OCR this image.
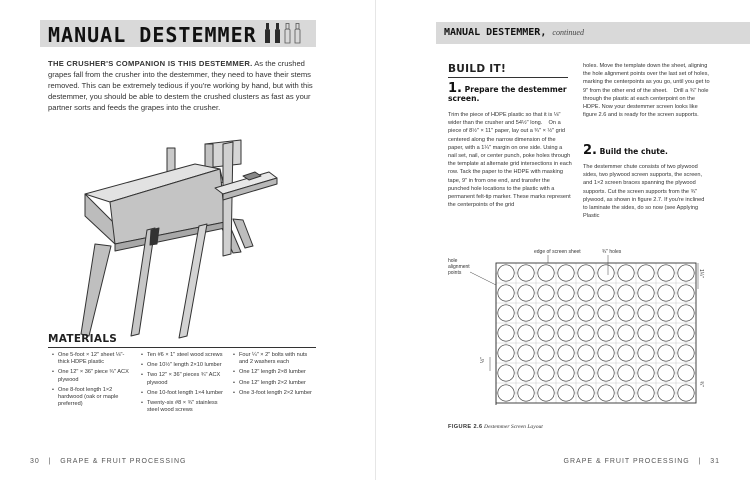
MANUAL DESTEMMER

THE CRUSHER'S COMPANION IS THIS DESTEMMER. As the crushed grapes fall from the crusher into the destemmer, they need to have their stems removed. This can be extremely tedious if you're working by hand, but with this destemmer, you should be able to destem the crushed clusters as fast as your partner sorts and feeds the grapes into the crusher.

MATERIALS
• One 5-foot × 12" sheet ⅛"-thick HDPE plastic
• One 12" × 36" piece ¾" ACX plywood
• One 8-foot length 1×2 hardwood (oak or maple preferred)
• Ten #6 × 1" steel wood screws
• One 10½" length 2×10 lumber
• Two 12" × 36" pieces ¾" ACX plywood
• One 10-foot length 1×4 lumber
• Twenty-six #8 × ¾" stainless steel wood screws
• Four ¼" × 2" bolts with nuts and 2 washers each
• One 12" length 2×8 lumber
• One 12" length 2×2 lumber
• One 3-foot length 2×2 lumber
30   |   GRAPE & FRUIT PROCESSING
MANUAL DESTEMMER, continued
BUILD IT!
1. Prepare the destemmer screen.

Trim the piece of HDPE plastic so that it is ⅛" wider than the crusher and 54½" long.    On a piece of 8½" × 11" paper, lay out a ¾" × ½" grid centered along the narrow dimension of the paper, with a 1¼" margin on one side. Using a nail set, nail, or center punch, poke holes through the template at alternate grid intersections in each row. Tack the paper to the HDPE with masking tape, 9" in from one end, and transfer the punched hole locations to the plastic with a permanent felt-tip marker. These marks represent the centerpoints of the grid

holes. Move the template down the sheet, aligning the hole alignment points over the last set of holes, marking the centerpoints as you go, until you get to 9" from the other end of the sheet.    Drill a ¾" hole through the plastic at each centerpoint on the HDPE. Now your destemmer screen looks like figure 2.6 and is ready for the screen supports.

2. Build the chute.

The destemmer chute consists of two plywood sides, two plywood screen supports, the screen, and 1×2 screen braces spanning the plywood supports. Cut the screen supports from the ¾" plywood, as shown in figure 2.7. If you're inclined to laminate the sides, do so now (see Applying Plastic

edge of screen sheet	¾" holes
hole alignment points	1¼"
¾"
½"
FIGURE 2.6 Destemmer Screen Layout
GRAPE & FRUIT PROCESSING   |   31
